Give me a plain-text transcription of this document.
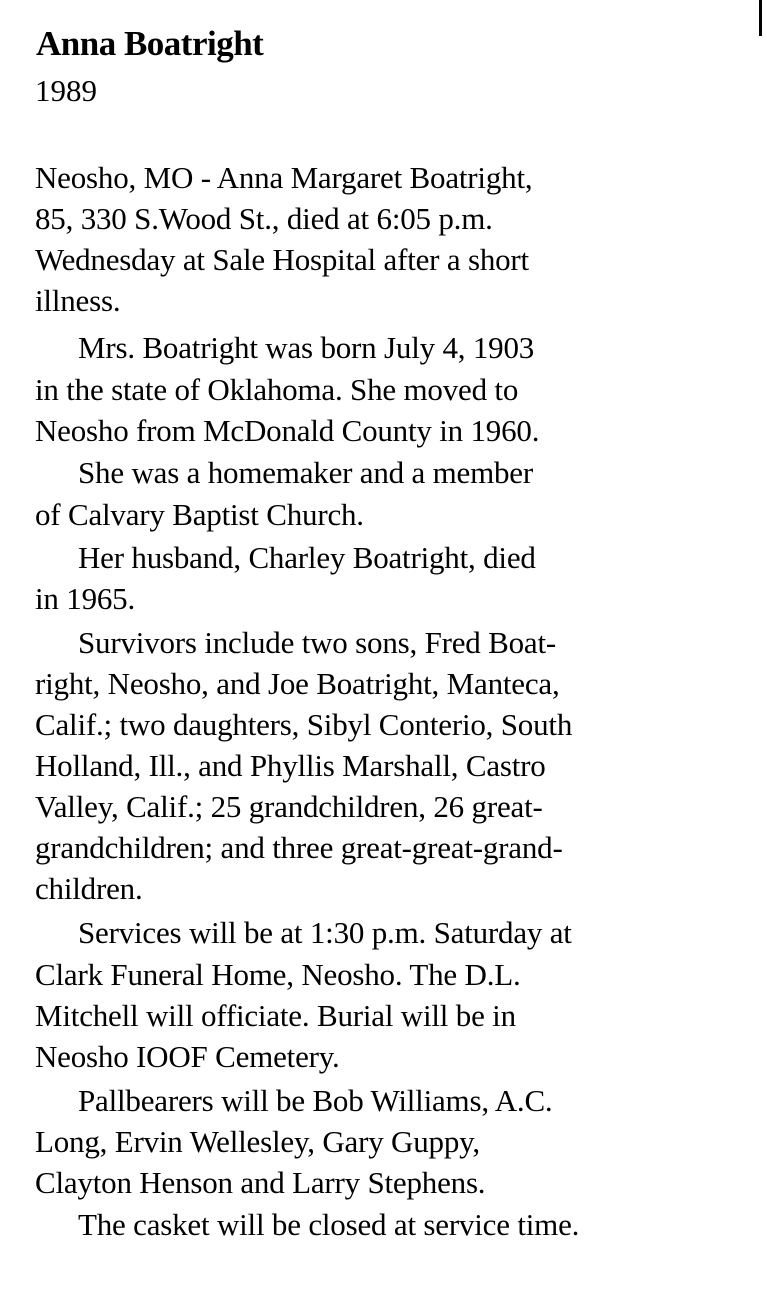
Anna Boatright
1989
Neosho, MO - Anna Margaret Boatright,
85, 330 S.Wood St., died at 6:05 p.m.
Wednesday at Sale Hospital after a short
illness.
Mrs. Boatright was born July 4, 1903
in the state of Oklahoma. She moved to
Neosho from McDonald County in 1960.
She was a homemaker and a member
of Calvary Baptist Church.
Her husband, Charley Boatright, died
in 1965.
Survivors include two sons, Fred Boat-
right, Neosho, and Joe Boatright, Manteca,
Calif.; two daughters, Sibyl Conterio, South
Holland, Ill., and Phyllis Marshall, Castro
Valley, Calif.; 25 grandchildren, 26 great-
grandchildren; and three great-great-grand-
children.
Services will be at 1:30 p.m. Saturday at
Clark Funeral Home, Neosho. The D.L.
Mitchell will officiate. Burial will be in
Neosho IOOF Cemetery.
Pallbearers will be Bob Williams, A.C.
Long, Ervin Wellesley, Gary Guppy,
Clayton Henson and Larry Stephens.
The casket will be closed at service time.
